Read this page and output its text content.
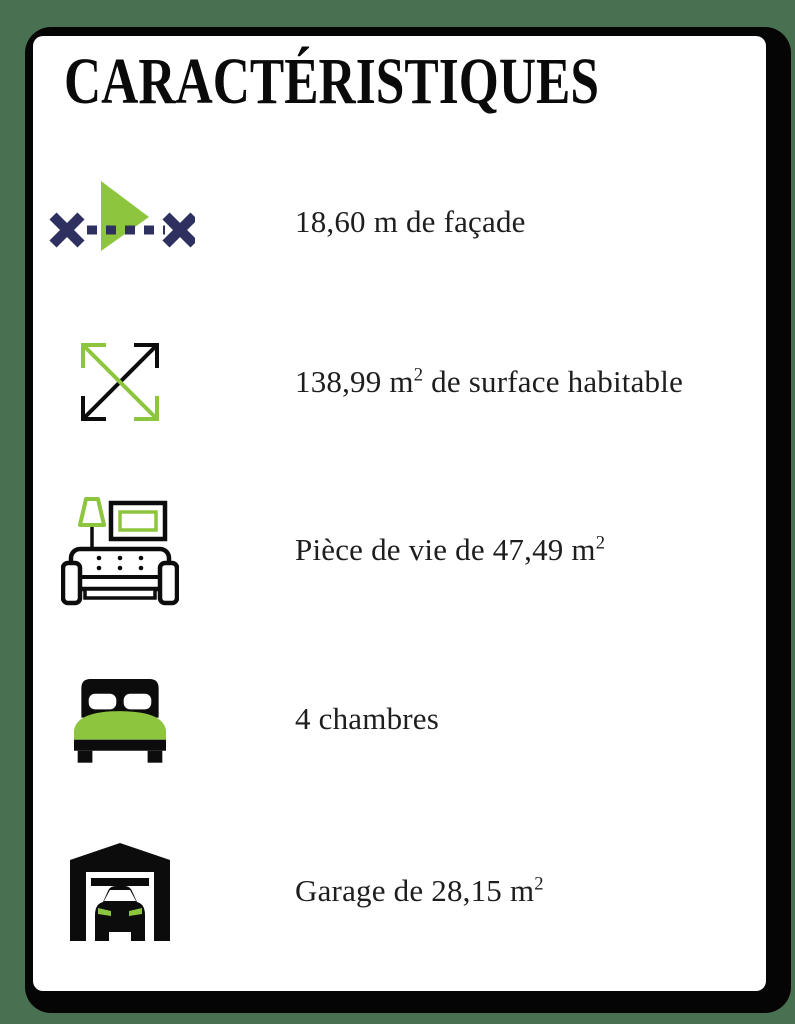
CARACTÉRISTIQUES
18,60 m de façade
138,99 $m^2$ de surface habitable
Pièce de vie de 47,49 $m^2$
4 chambres
Garage de 28,15 $m^2$
